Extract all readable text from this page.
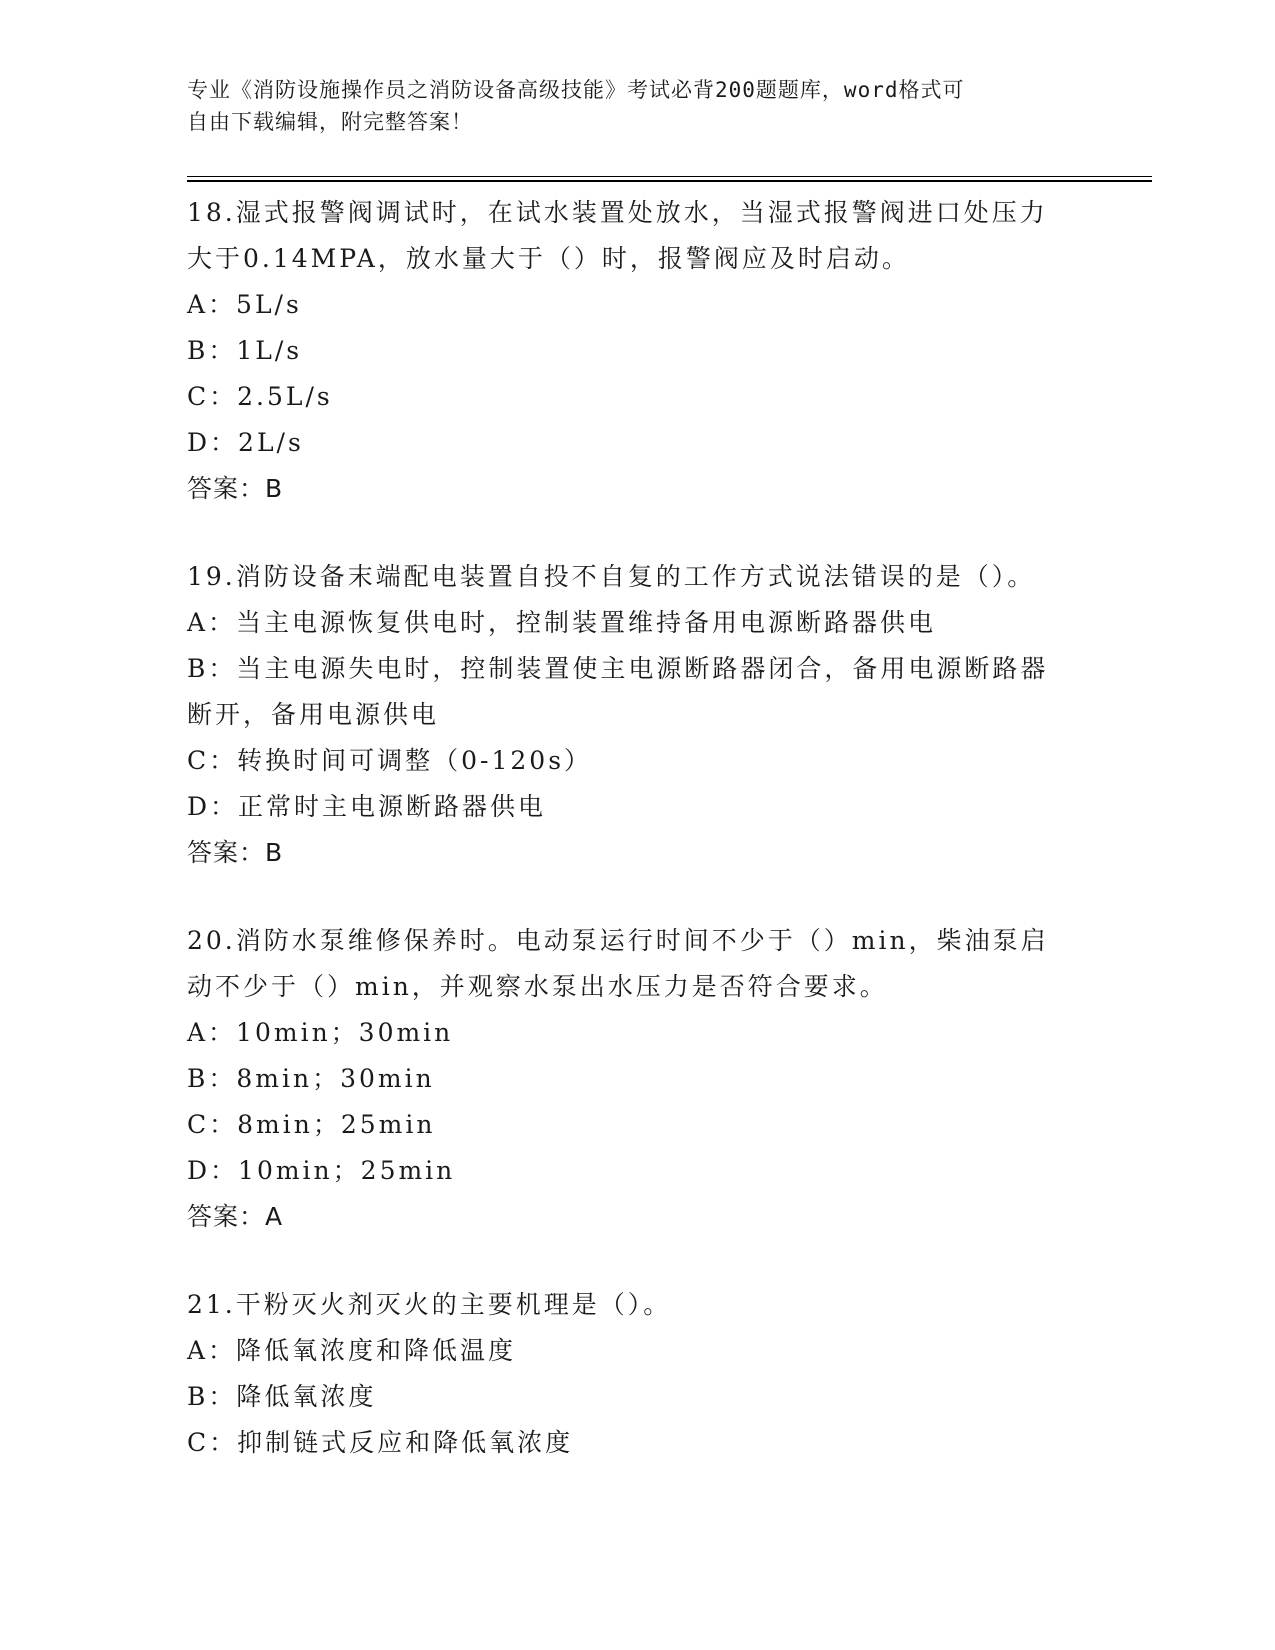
专业《消防设施操作员之消防设备高级技能》考试必背200题题库，word格式可
自由下载编辑，附完整答案！
18.湿式报警阀调试时，在试水装置处放水，当湿式报警阀进口处压力
大于0.14MPA，放水量大于（）时，报警阀应及时启动。
A：5L/s
B：1L/s
C：2.5L/s
D：2L/s
答案：B
19.消防设备末端配电装置自投不自复的工作方式说法错误的是（）。
A：当主电源恢复供电时，控制装置维持备用电源断路器供电
B：当主电源失电时，控制装置使主电源断路器闭合，备用电源断路器
断开，备用电源供电
C：转换时间可调整（0-120s）
D：正常时主电源断路器供电
答案：B
20.消防水泵维修保养时。电动泵运行时间不少于（）min，柴油泵启
动不少于（）min，并观察水泵出水压力是否符合要求。
A：10min；30min
B：8min；30min
C：8min；25min
D：10min；25min
答案：A
21.干粉灭火剂灭火的主要机理是（）。
A：降低氧浓度和降低温度
B：降低氧浓度
C：抑制链式反应和降低氧浓度
